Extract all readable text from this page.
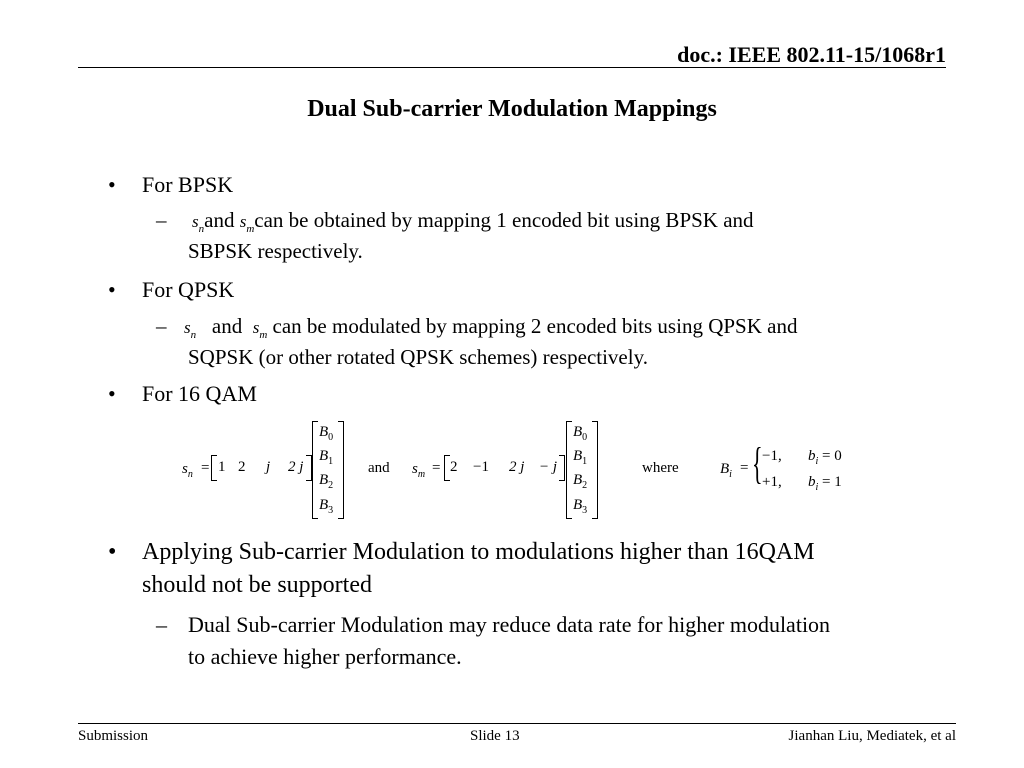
doc.: IEEE 802.11-15/1068r1
Dual Sub-carrier Modulation Mappings
• For BPSK
– $s_nand$ $s_mcan$ be obtained by mapping 1 encoded bit using BPSK and
SBPSK respectively.
• For QPSK
– $s_n$ and $s_m$ can be modulated by mapping 2 encoded bits using QPSK and
SQPSK (or other rotated QPSK schemes) respectively.
• For 16 QAM
$s_n = 1$ 2 j 2 j
$B_0$
$B_1$
$B_2$
$B_3$
and $s_m = 2 -1$ 2 j − j
$B_0$
$B_1$
$B_2$
$B_3$
where	$B_i$ = { −1, $b_i = 0$
+1, $b_i = 1$
• Applying Sub-carrier Modulation to modulations higher than 16QAM
should not be supported
– Dual Sub-carrier Modulation may reduce data rate for higher modulation
to achieve higher performance.
Submission	Slide 13	Jianhan Liu, Mediatek, et al
